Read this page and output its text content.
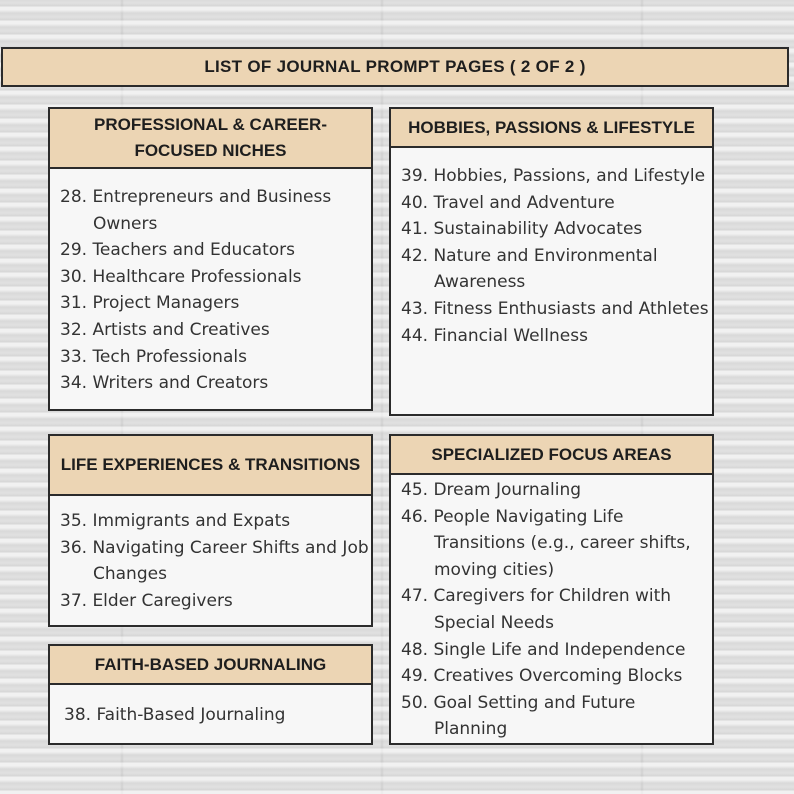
LIST OF JOURNAL PROMPT PAGES ( 2 OF 2 )
PROFESSIONAL & CAREER-FOCUSED NICHES
28. Entrepreneurs and Business Owners
29. Teachers and Educators
30. Healthcare Professionals
31. Project Managers
32. Artists and Creatives
33. Tech Professionals
34. Writers and Creators
HOBBIES, PASSIONS & LIFESTYLE
39. Hobbies, Passions, and Lifestyle
40. Travel and Adventure
41. Sustainability Advocates
42. Nature and Environmental Awareness
43. Fitness Enthusiasts and Athletes
44. Financial Wellness
LIFE EXPERIENCES & TRANSITIONS
35. Immigrants and Expats
36. Navigating Career Shifts and Job Changes
37. Elder Caregivers
FAITH-BASED JOURNALING
38. Faith-Based Journaling
SPECIALIZED FOCUS AREAS
45. Dream Journaling
46. People Navigating Life Transitions (e.g., career shifts, moving cities)
47. Caregivers for Children with Special Needs
48. Single Life and Independence
49. Creatives Overcoming Blocks
50. Goal Setting and Future Planning
